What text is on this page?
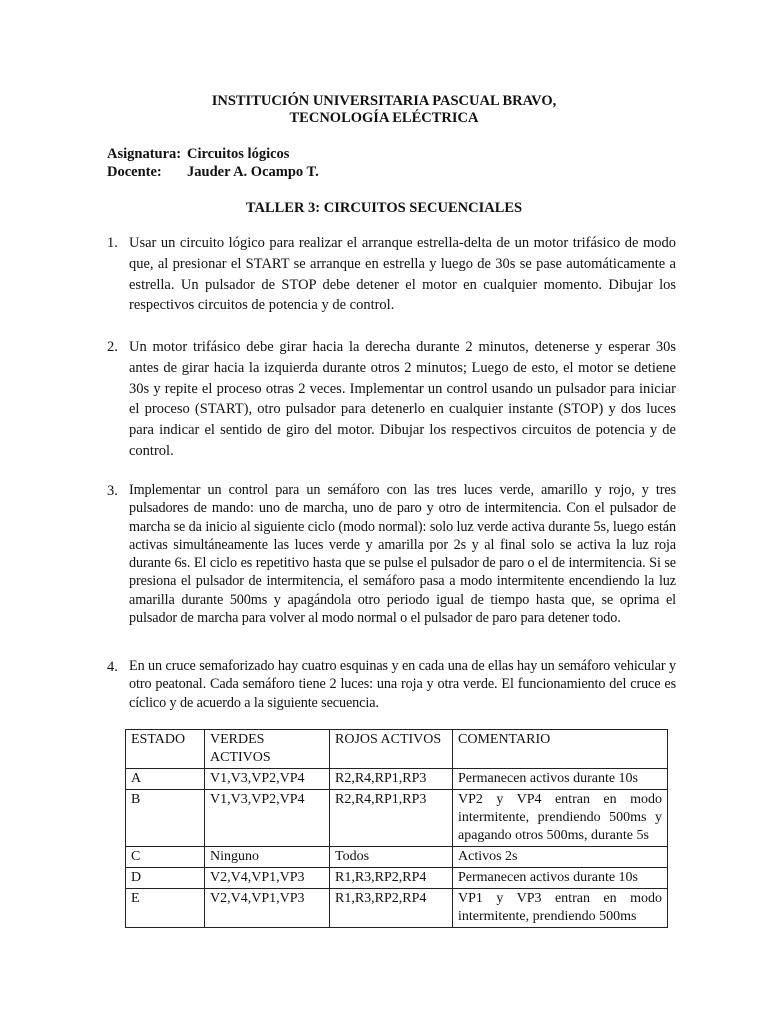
INSTITUCIÓN UNIVERSITARIA PASCUAL BRAVO,
TECNOLOGÍA ELÉCTRICA
Asignatura: Circuitos lógicos
Docente: Jauder A. Ocampo T.
TALLER 3: CIRCUITOS SECUENCIALES
1. Usar un circuito lógico para realizar el arranque estrella-delta de un motor trifásico de modo que, al presionar el START se arranque en estrella y luego de 30s se pase automáticamente a estrella. Un pulsador de STOP debe detener el motor en cualquier momento. Dibujar los respectivos circuitos de potencia y de control.
2. Un motor trifásico debe girar hacia la derecha durante 2 minutos, detenerse y esperar 30s antes de girar hacia la izquierda durante otros 2 minutos; Luego de esto, el motor se detiene 30s y repite el proceso otras 2 veces. Implementar un control usando un pulsador para iniciar el proceso (START), otro pulsador para detenerlo en cualquier instante (STOP) y dos luces para indicar el sentido de giro del motor. Dibujar los respectivos circuitos de potencia y de control.
3. Implementar un control para un semáforo con las tres luces verde, amarillo y rojo, y tres pulsadores de mando: uno de marcha, uno de paro y otro de intermitencia. Con el pulsador de marcha se da inicio al siguiente ciclo (modo normal): solo luz verde activa durante 5s, luego están activas simultáneamente las luces verde y amarilla por 2s y al final solo se activa la luz roja durante 6s. El ciclo es repetitivo hasta que se pulse el pulsador de paro o el de intermitencia. Si se presiona el pulsador de intermitencia, el semáforo pasa a modo intermitente encendiendo la luz amarilla durante 500ms y apagándola otro periodo igual de tiempo hasta que, se oprima el pulsador de marcha para volver al modo normal o el pulsador de paro para detener todo.
4. En un cruce semaforizado hay cuatro esquinas y en cada una de ellas hay un semáforo vehicular y otro peatonal. Cada semáforo tiene 2 luces: una roja y otra verde. El funcionamiento del cruce es cíclico y de acuerdo a la siguiente secuencia.
ESTADO	VERDES ACTIVOS	ROJOS ACTIVOS	COMENTARIO
A	V1,V3,VP2,VP4	R2,R4,RP1,RP3	Permanecen activos durante 10s
B	V1,V3,VP2,VP4	R2,R4,RP1,RP3	VP2 y VP4 entran en modo intermitente, prendiendo 500ms y apagando otros 500ms, durante 5s
C	Ninguno	Todos	Activos 2s
D	V2,V4,VP1,VP3	R1,R3,RP2,RP4	Permanecen activos durante 10s
E	V2,V4,VP1,VP3	R1,R3,RP2,RP4	VP1 y VP3 entran en modo intermitente, prendiendo 500ms
